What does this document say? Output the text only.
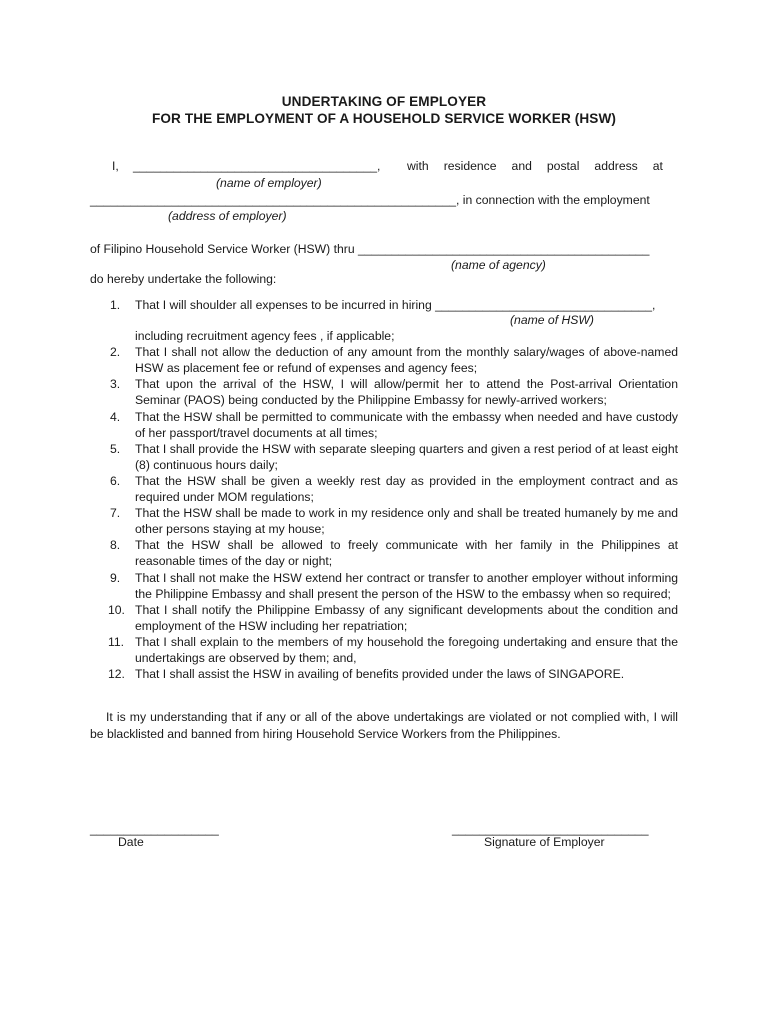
UNDERTAKING OF EMPLOYER
FOR THE EMPLOYMENT OF A HOUSEHOLD SERVICE WORKER (HSW)
I, ____________________________________, with residence and postal address at
(name of employer)
______________________________________________________, in connection with the employment
(address of employer)
of Filipino Household Service Worker (HSW) thru ___________________________________________
(name of agency)
do hereby undertake the following:
1. That I will shoulder all expenses to be incurred in hiring ________________________________,
(name of HSW)
including recruitment agency fees , if applicable;
2. That I shall not allow the deduction of any amount from the monthly salary/wages of above-named HSW as placement fee or refund of expenses and agency fees;
3. That upon the arrival of the HSW, I will allow/permit her to attend the Post-arrival Orientation Seminar (PAOS) being conducted by the Philippine Embassy for newly-arrived workers;
4. That the HSW shall be permitted to communicate with the embassy when needed and have custody of her passport/travel documents at all times;
5. That I shall provide the HSW with separate sleeping quarters and given a rest period of at least eight (8) continuous hours daily;
6. That the HSW shall be given a weekly rest day as provided in the employment contract and as required under MOM regulations;
7. That the HSW shall be made to work in my residence only and shall be treated humanely by me and other persons staying at my house;
8. That the HSW shall be allowed to freely communicate with her family in the Philippines at reasonable times of the day or night;
9. That I shall not make the HSW extend her contract or transfer to another employer without informing the Philippine Embassy and shall present the person of the HSW to the embassy when so required;
10. That I shall notify the Philippine Embassy of any significant developments about the condition and employment of the HSW including her repatriation;
11. That I shall explain to the members of my household the foregoing undertaking and ensure that the undertakings are observed by them; and,
12. That I shall assist the HSW in availing of benefits provided under the laws of SINGAPORE.
It is my understanding that if any or all of the above undertakings are violated or not complied with, I will be blacklisted and banned from hiring Household Service Workers from the Philippines.
___________________
Date
_____________________________
Signature of Employer
